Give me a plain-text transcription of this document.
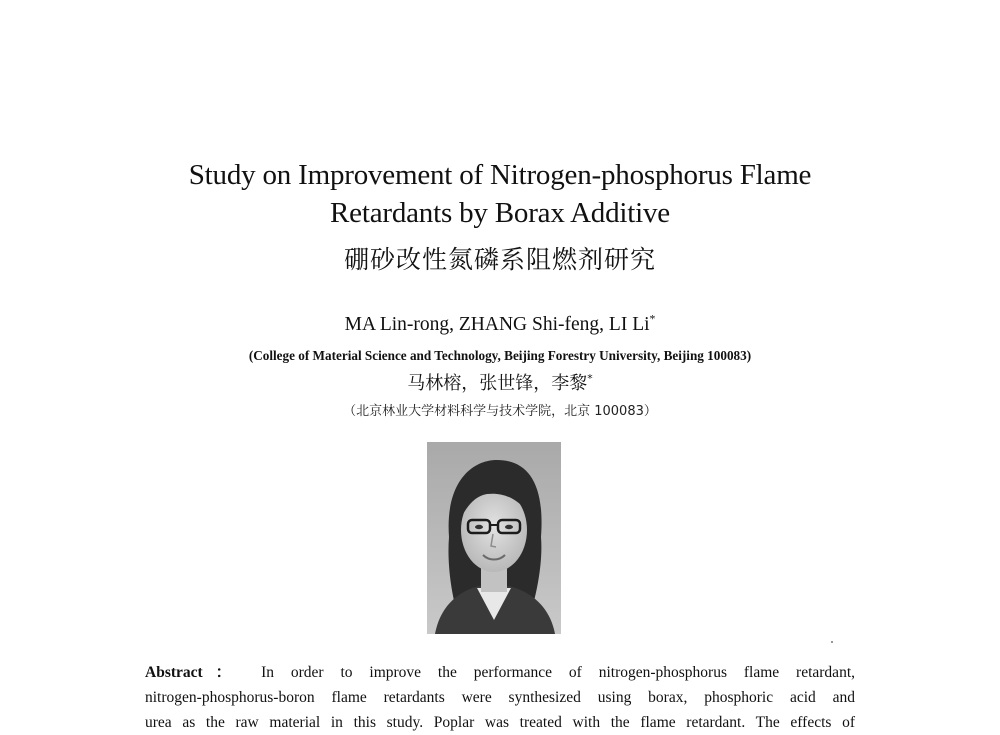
Study on Improvement of Nitrogen-phosphorus Flame
Retardants by Borax Additive
硼砂改性氮磷系阻燃剂研究
MA Lin-rong, ZHANG Shi-feng, LI Li*
(College of Material Science and Technology, Beijing Forestry University, Beijing 100083)
马林榕，张世锋，李黎*
（北京林业大学材料科学与技术学院，北京 100083）
Abstract： In order to improve the performance of nitrogen-phosphorus flame retardant,
nitrogen-phosphorus-boron flame retardants were synthesized using borax, phosphoric acid and
urea as the raw material in this study. Poplar was treated with the flame retardant. The effects of
